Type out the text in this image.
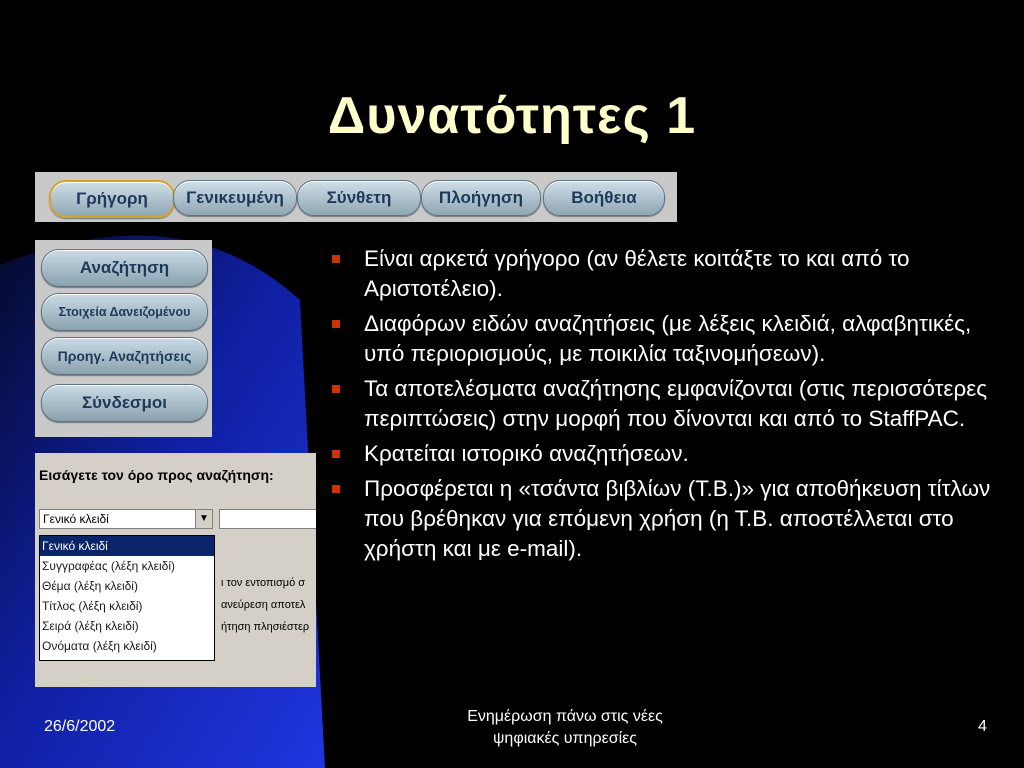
Δυνατότητες 1
Γρήγορη	Γενικευμένη	Σύνθετη	Πλοήγηση	Βοήθεια
Αναζήτηση
Στοιχεία Δανειζομένου
Προηγ. Αναζητήσεις
Σύνδεσμοι
Εισάγετε τον όρο προς αναζήτηση:
Γενικό κλειδί	▼
ι τον εντοπισμό σ
ανεύρεση αποτελ
ήτηση πλησιέστερ
Γενικό κλειδί
Συγγραφέας (λέξη κλειδί)
Θέμα (λέξη κλειδί)
Τίτλος (λέξη κλειδί)
Σειρά (λέξη κλειδί)
Ονόματα (λέξη κλειδί)
Είναι αρκετά γρήγορο (αν θέλετε κοιτάξτε το και από το Αριστοτέλειο).
Διαφόρων ειδών αναζητήσεις (με λέξεις κλειδιά, αλφαβητικές, υπό περιορισμούς, με ποικιλία ταξινομήσεων).
Τα αποτελέσματα αναζήτησης εμφανίζονται (στις περισσότερες περιπτώσεις) στην μορφή που δίνονται και από το StaffPAC.
Κρατείται ιστορικό αναζητήσεων.
Προσφέρεται η «τσάντα βιβλίων (Τ.Β.)» για αποθήκευση τίτλων που βρέθηκαν για επόμενη χρήση (η Τ.Β. αποστέλλεται στο χρήστη και με e-mail).
26/6/2002
Ενημέρωση πάνω στις νέες
ψηφιακές υπηρεσίες
4
